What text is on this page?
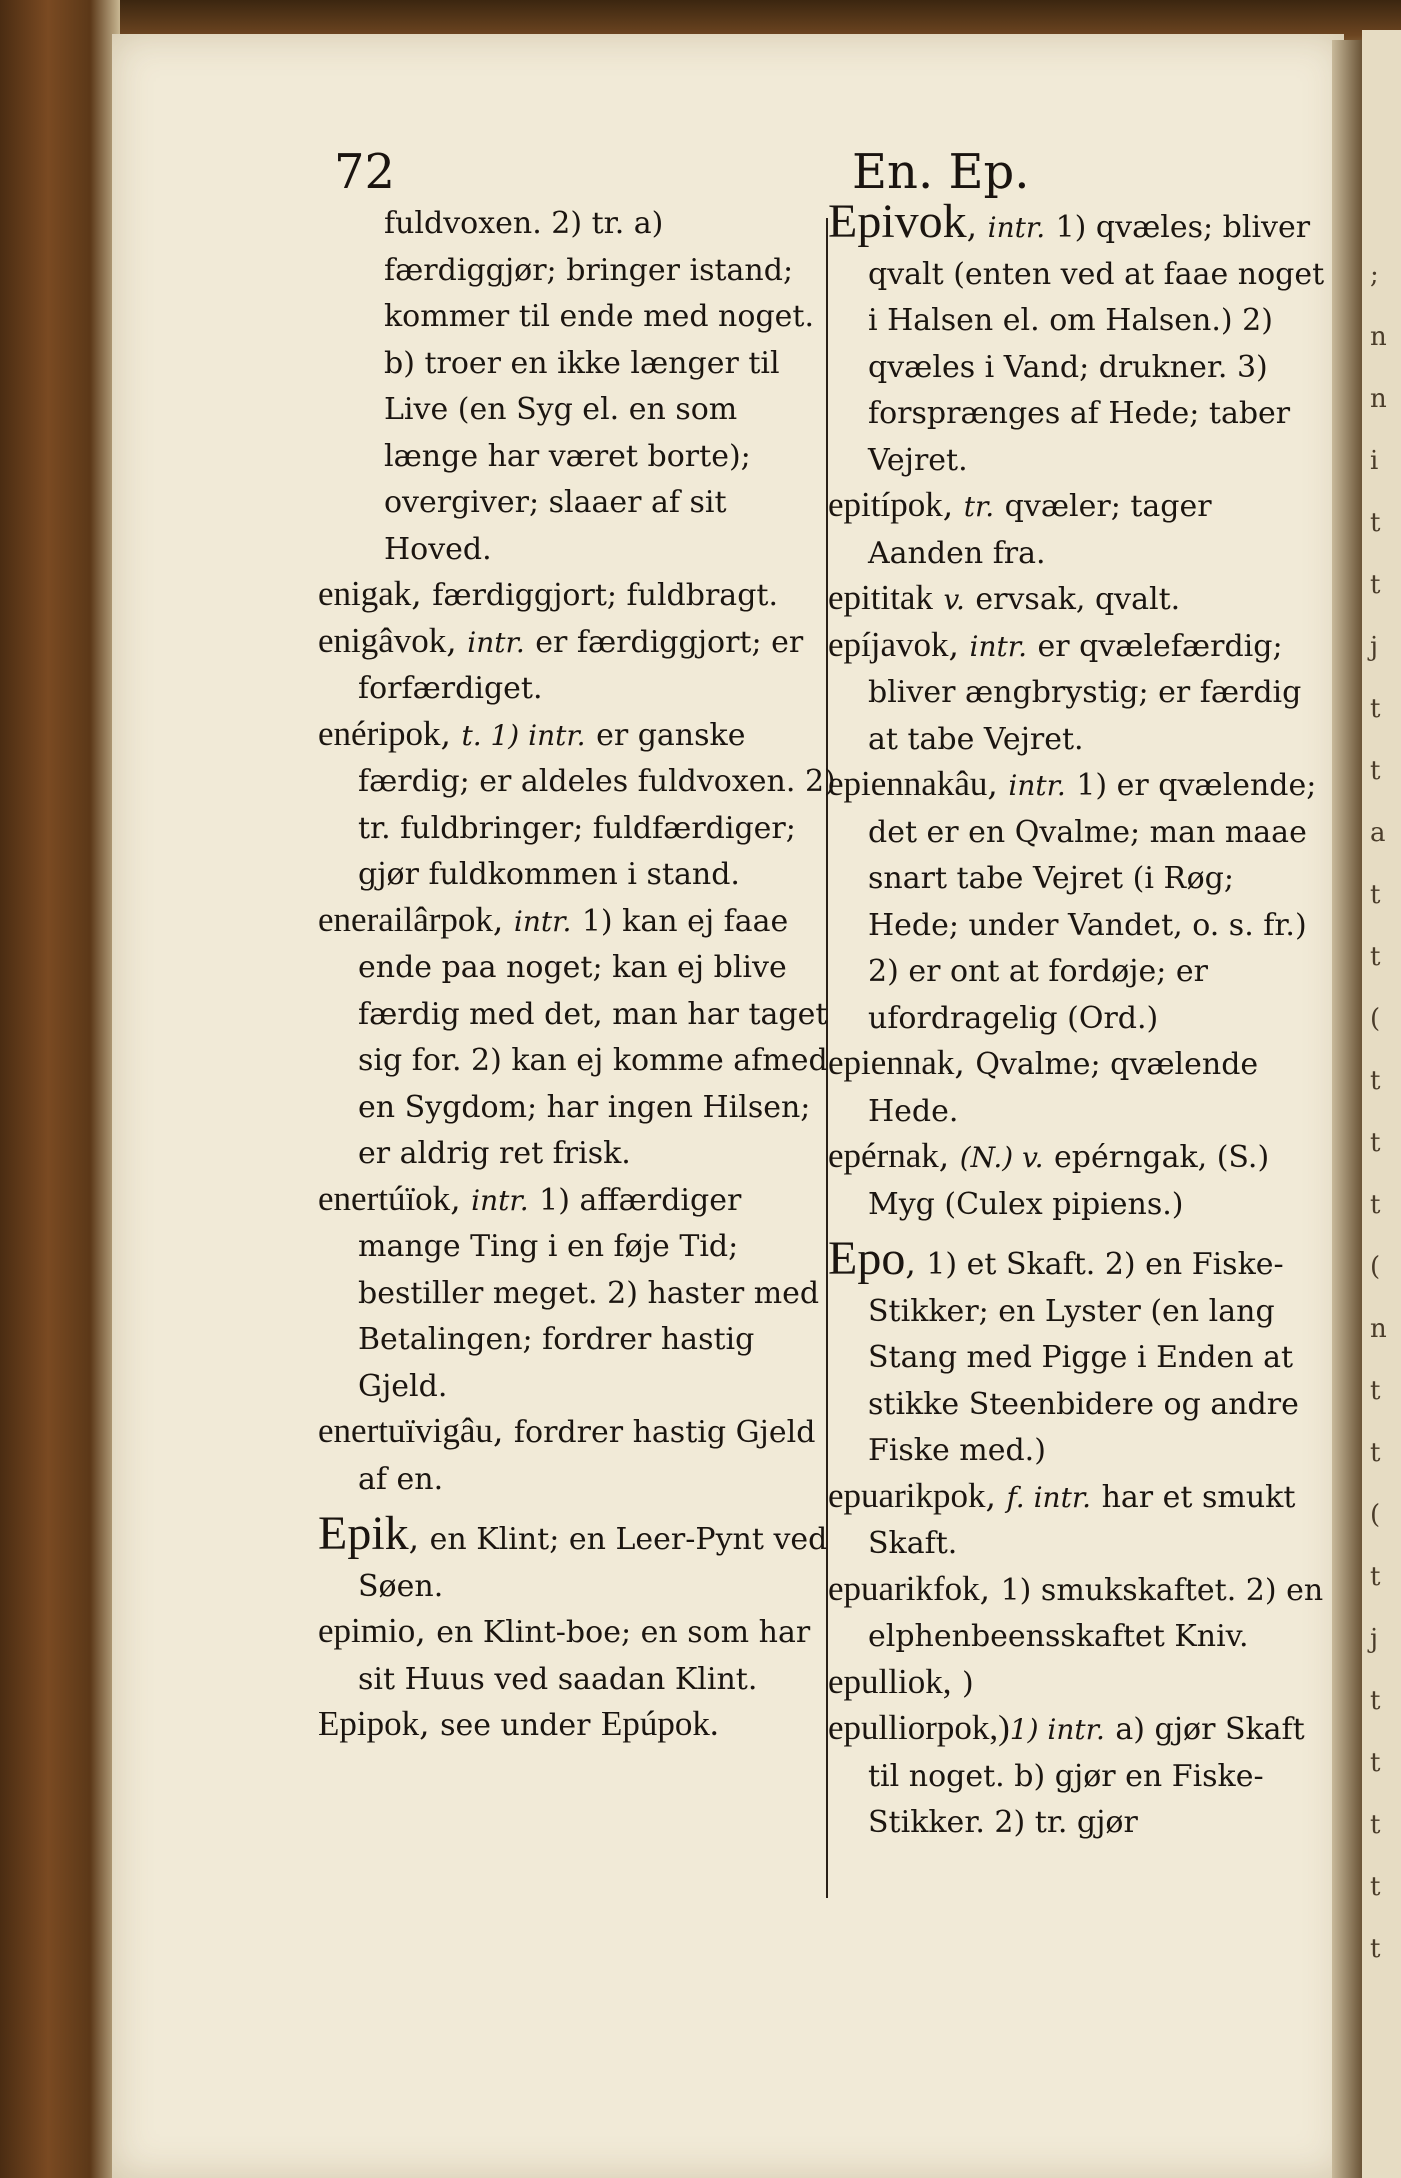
72	En. Ep.

fuldvoxen. 2) tr. a) færdiggjør; bringer istand; kommer til ende med noget. b) troer en ikke længer til Live (en Syg el. en som længe har været borte); overgiver; slaaer af sit Hoved.

enigak, færdiggjort; fuldbragt.

enigâvok, intr. er færdiggjort; er forfærdiget.

enéripok, t. 1) intr. er ganske færdig; er aldeles fuldvoxen. 2) tr. fuldbringer; fuldfærdiger; gjør fuldkommen i stand.

enerailârpok, intr. 1) kan ej faae ende paa noget; kan ej blive færdig med det, man har taget sig for. 2) kan ej komme afmed en Sygdom; har ingen Hilsen; er aldrig ret frisk.

enertúïok, intr. 1) affærdiger mange Ting i en føje Tid; bestiller meget. 2) haster med Betalingen; fordrer hastig Gjeld.

enertuïvigâu, fordrer hastig Gjeld af en.

Epik, en Klint; en Leer-Pynt ved Søen.

epimio, en Klint-boe; en som har sit Huus ved saadan Klint.

Epipok, see under Epúpok.

Epivok, intr. 1) qvæles; bliver qvalt (enten ved at faae noget i Halsen el. om Halsen.) 2) qvæles i Vand; drukner. 3) forsprænges af Hede; taber Vejret.

epitípok, tr. qvæler; tager Aanden fra.

epititak v. ervsak, qvalt.

epíjavok, intr. er qvælefærdig; bliver ængbrystig; er færdig at tabe Vejret.

epiennakâu, intr. 1) er qvælende; det er en Qvalme; man maae snart tabe Vejret (i Røg; Hede; under Vandet, o. s. fr.) 2) er ont at fordøje; er ufordragelig (Ord.)

epiennak, Qvalme; qvælende Hede.

epérnak, (N.) v. epérngak, (S.) Myg (Culex pipiens.)

Epo, 1) et Skaft. 2) en Fiske-Stikker; en Lyster (en lang Stang med Pigge i Enden at stikke Steenbidere og andre Fiske med.)

epuarikpok, f. intr. har et smukt Skaft.

epuarikfok, 1) smukskaftet. 2) en elphenbeensskaftet Kniv.

epulliok, )

epulliorpok,)1) intr. a) gjør Skaft til noget. b) gjør en Fiske-Stikker. 2) tr. gjør

;
n
n
i
t
t
j
t
t
a
t
t
(
t
t
t
(
n
t
t
(
t
j
t
t
t
t
t
